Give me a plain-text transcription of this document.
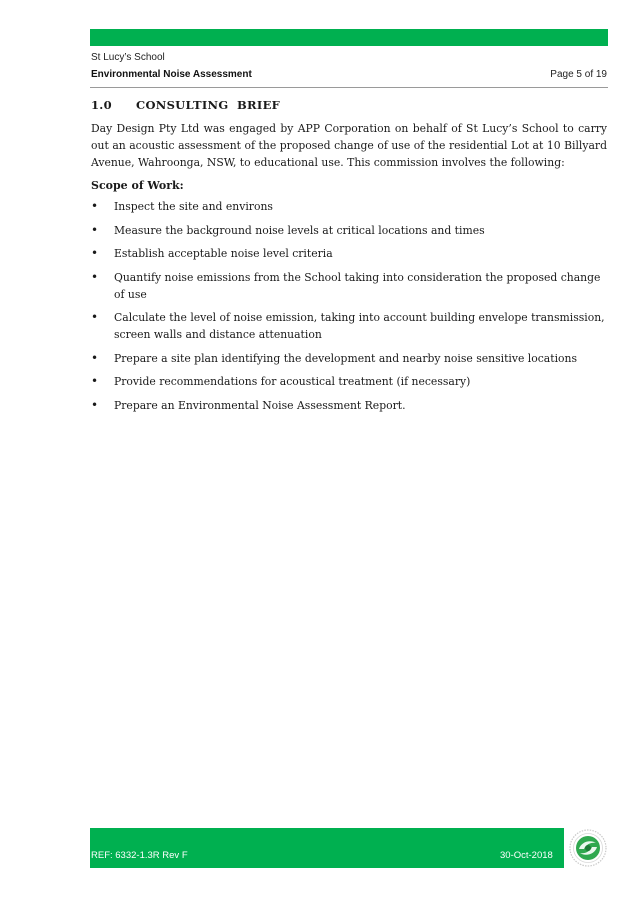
St Lucy’s School
Environmental Noise Assessment	Page 5 of 19
1.0	CONSULTING  BRIEF

Day Design Pty Ltd was engaged by APP Corporation on behalf of St Lucy’s School to carry out an acoustic assessment of the proposed change of use of the residential Lot at 10 Billyard Avenue, Wahroonga, NSW, to educational use. This commission involves the following:

Scope of Work:
•	Inspect the site and environs
•	Measure the background noise levels at critical locations and times
•	Establish acceptable noise level criteria
•	Quantify noise emissions from the School taking into consideration the proposed change of use
•	Calculate the level of noise emission, taking into account building envelope transmission, screen walls and distance attenuation
•	Prepare a site plan identifying the development and nearby noise sensitive locations
•	Provide recommendations for acoustical treatment (if necessary)
•	Prepare an Environmental Noise Assessment Report.
REF: 6332-1.3R Rev F	30-Oct-2018
